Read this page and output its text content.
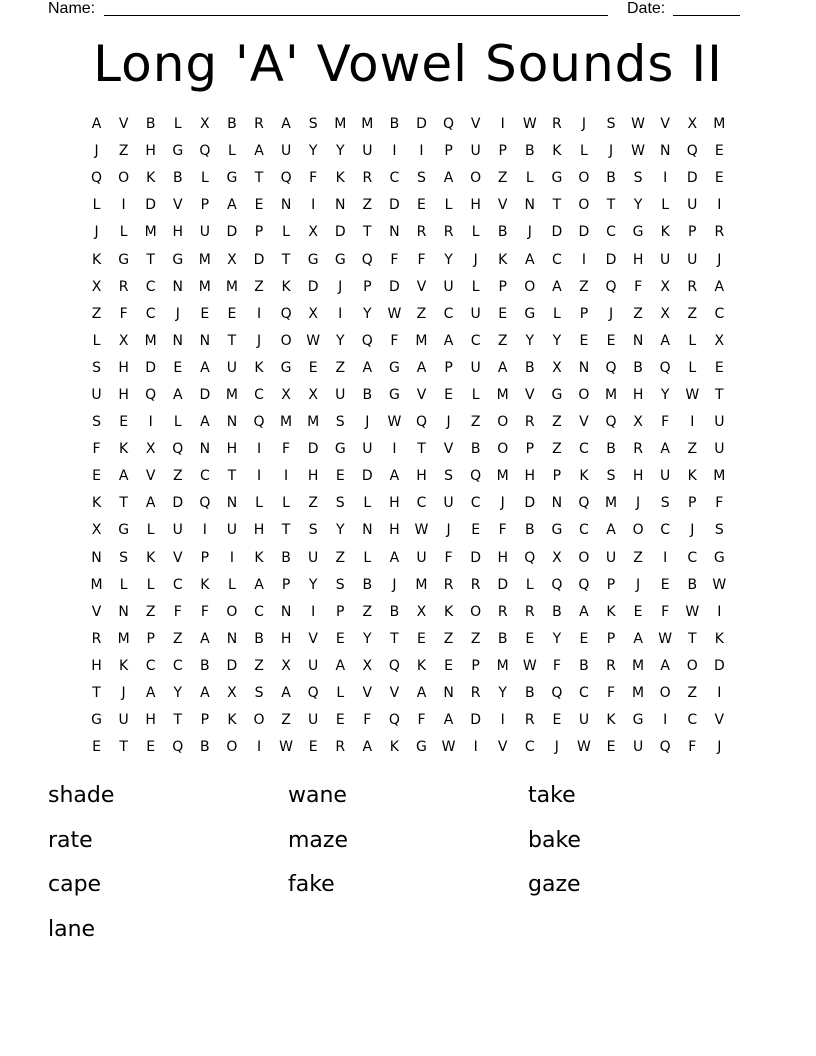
Name:	Date:
Long 'A' Vowel Sounds II
A	V	B	L	X	B	R	A	S	M	M	B	D	Q	V	I	W	R	J	S	W	V	X	M
J	Z	H	G	Q	L	A	U	Y	Y	U	I	I	P	U	P	B	K	L	J	W	N	Q	E
Q	O	K	B	L	G	T	Q	F	K	R	C	S	A	O	Z	L	G	O	B	S	I	D	E
L	I	D	V	P	A	E	N	I	N	Z	D	E	L	H	V	N	T	O	T	Y	L	U	I
J	L	M	H	U	D	P	L	X	D	T	N	R	R	L	B	J	D	D	C	G	K	P	R
K	G	T	G	M	X	D	T	G	G	Q	F	F	Y	J	K	A	C	I	D	H	U	U	J
X	R	C	N	M	M	Z	K	D	J	P	D	V	U	L	P	O	A	Z	Q	F	X	R	A
Z	F	C	J	E	E	I	Q	X	I	Y	W	Z	C	U	E	G	L	P	J	Z	X	Z	C
L	X	M	N	N	T	J	O	W	Y	Q	F	M	A	C	Z	Y	Y	E	E	N	A	L	X
S	H	D	E	A	U	K	G	E	Z	A	G	A	P	U	A	B	X	N	Q	B	Q	L	E
U	H	Q	A	D	M	C	X	X	U	B	G	V	E	L	M	V	G	O	M	H	Y	W	T
S	E	I	L	A	N	Q	M	M	S	J	W	Q	J	Z	O	R	Z	V	Q	X	F	I	U
F	K	X	Q	N	H	I	F	D	G	U	I	T	V	B	O	P	Z	C	B	R	A	Z	U
E	A	V	Z	C	T	I	I	H	E	D	A	H	S	Q	M	H	P	K	S	H	U	K	M
K	T	A	D	Q	N	L	L	Z	S	L	H	C	U	C	J	D	N	Q	M	J	S	P	F
X	G	L	U	I	U	H	T	S	Y	N	H	W	J	E	F	B	G	C	A	O	C	J	S
N	S	K	V	P	I	K	B	U	Z	L	A	U	F	D	H	Q	X	O	U	Z	I	C	G
M	L	L	C	K	L	A	P	Y	S	B	J	M	R	R	D	L	Q	Q	P	J	E	B	W
V	N	Z	F	F	O	C	N	I	P	Z	B	X	K	O	R	R	B	A	K	E	F	W	I
R	M	P	Z	A	N	B	H	V	E	Y	T	E	Z	Z	B	E	Y	E	P	A	W	T	K
H	K	C	C	B	D	Z	X	U	A	X	Q	K	E	P	M	W	F	B	R	M	A	O	D
T	J	A	Y	A	X	S	A	Q	L	V	V	A	N	R	Y	B	Q	C	F	M	O	Z	I
G	U	H	T	P	K	O	Z	U	E	F	Q	F	A	D	I	R	E	U	K	G	I	C	V
E	T	E	Q	B	O	I	W	E	R	A	K	G	W	I	V	C	J	W	E	U	Q	F	J
shade	wane	take
rate	maze	bake
cape	fake	gaze
lane
